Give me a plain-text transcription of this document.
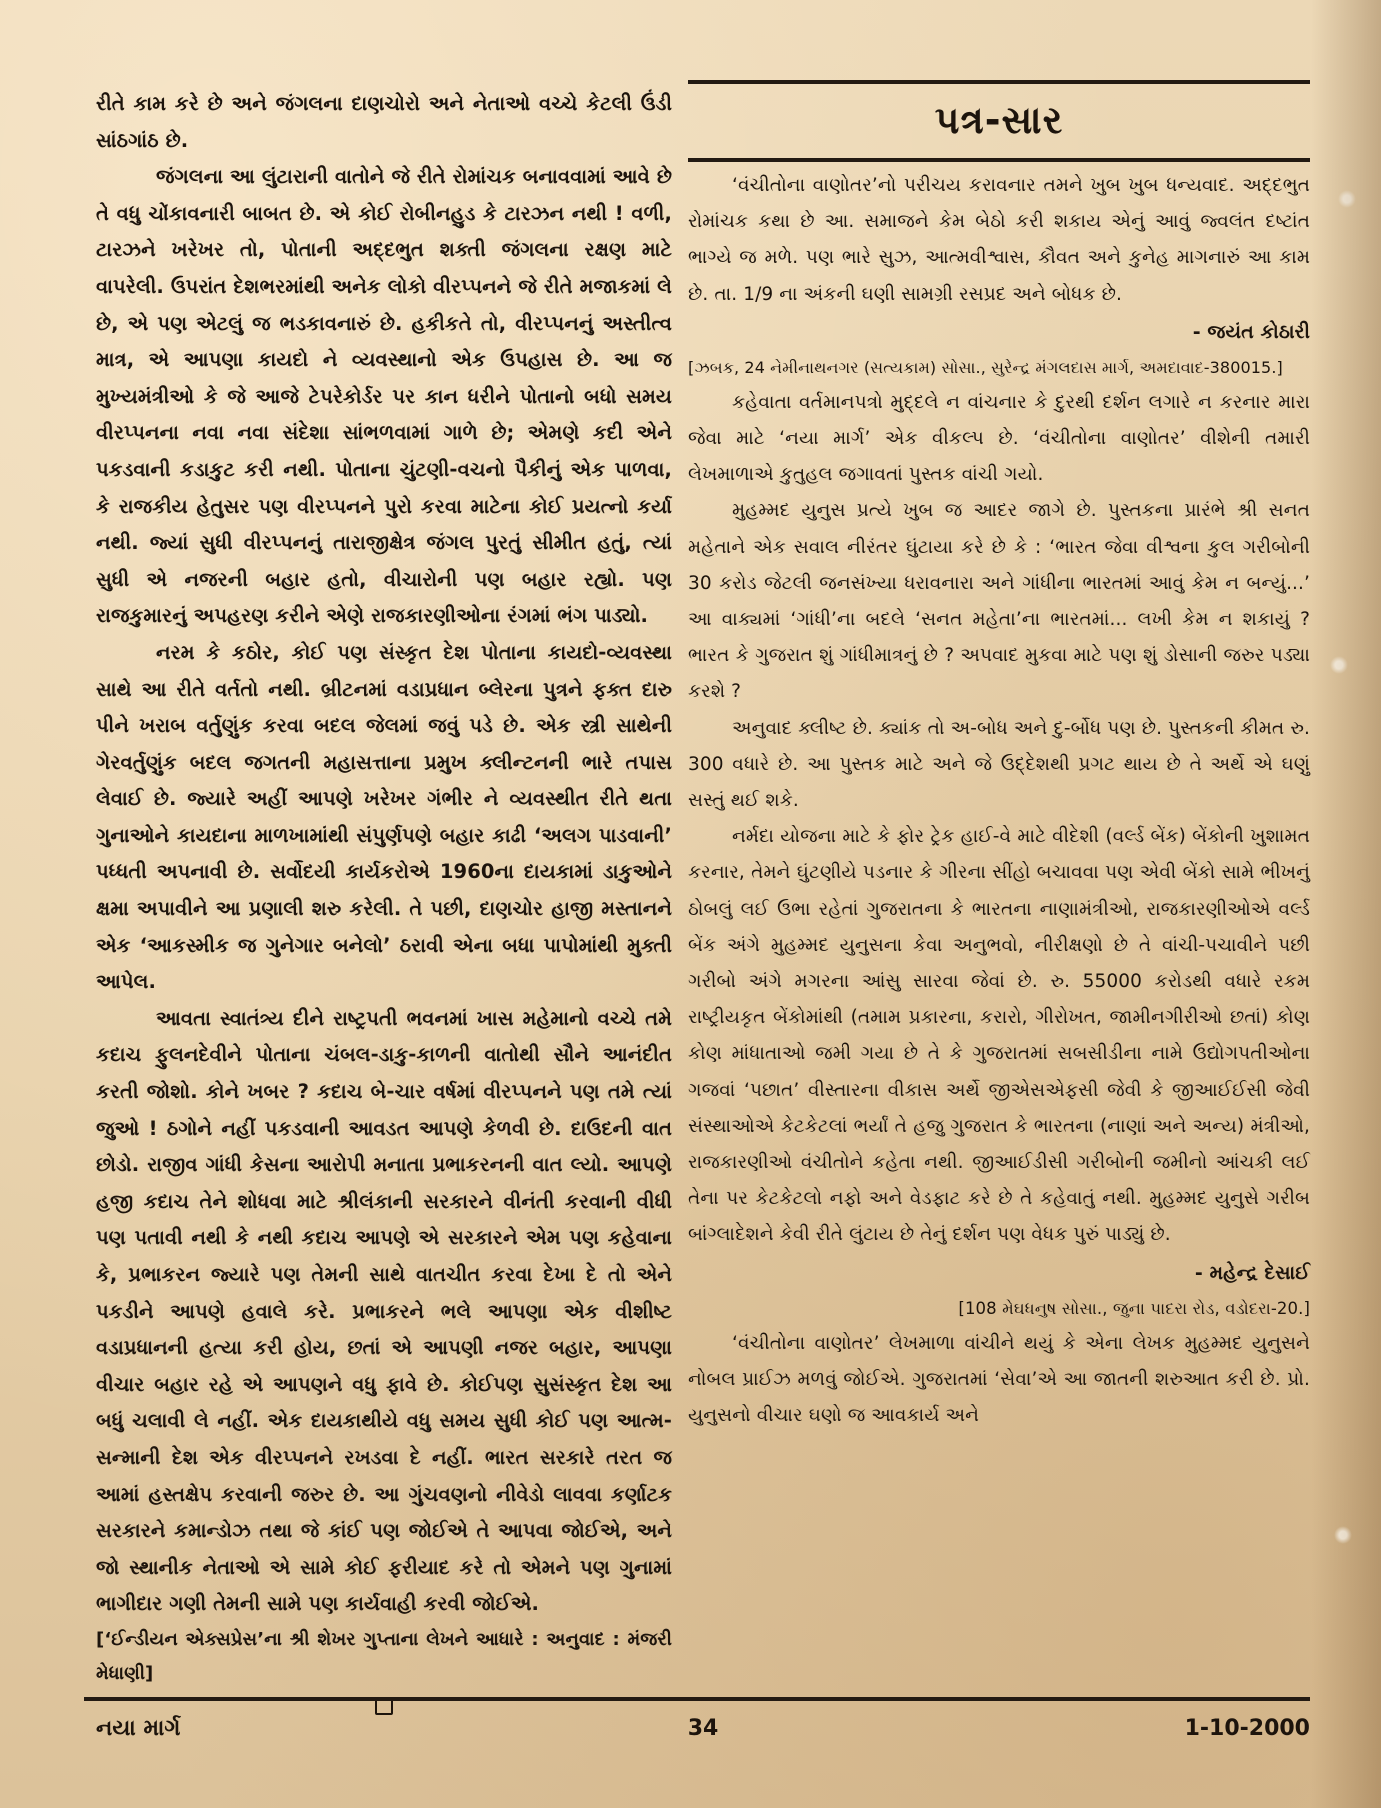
રીતે કામ કરે છે અને જંગલના દાણચોરો અને નેતાઓ વચ્ચે કેટલી ઉંડી સાંઠગાંઠ છે.

જંગલના આ લુંટારાની વાતોને જે રીતે રોમાંચક બનાવવામાં આવે છે તે વધુ ચોંકાવનારી બાબત છે. એ કોઈ રોબીનહુડ કે ટારઝન નથી ! વળી, ટારઝને ખરેખર તો, પોતાની અદ્દભુત શક્તી જંગલના રક્ષણ માટે વાપરેલી. ઉપરાંત દેશભરમાંથી અનેક લોકો વીરપ્પનને જે રીતે મજાકમાં લે છે, એ પણ એટલું જ ભડકાવનારું છે. હકીકતે તો, વીરપ્પનનું અસ્તીત્વ માત્ર, એ આપણા કાયદો ને વ્યવસ્થાનો એક ઉપહાસ છે. આ જ મુખ્યમંત્રીઓ કે જે આજે ટેપરેકોર્ડર પર કાન ધરીને પોતાનો બધો સમય વીરપ્પનના નવા નવા સંદેશા સાંભળવામાં ગાળે છે; એમણે કદી એને પકડવાની કડાકુટ કરી નથી. પોતાના ચુંટણી-વચનો પૈકીનું એક પાળવા, કે રાજકીય હેતુસર પણ વીરપ્પનને પુરો કરવા માટેના કોઈ પ્રયત્નો કર્યા નથી. જ્યાં સુધી વીરપ્પનનું તારાજીક્ષેત્ર જંગલ પુરતું સીમીત હતું, ત્યાં સુધી એ નજરની બહાર હતો, વીચારોની પણ બહાર રહ્યો. પણ રાજકુમારનું અપહરણ કરીને એણે રાજકારણીઓના રંગમાં ભંગ પાડ્યો.

નરમ કે કઠોર, કોઈ પણ સંસ્કૃત દેશ પોતાના કાયદો-વ્યવસ્થા સાથે આ રીતે વર્તતો નથી. બ્રીટનમાં વડાપ્રધાન બ્લેરના પુત્રને ફક્ત દારુ પીને ખરાબ વર્તુણુંક કરવા બદલ જેલમાં જવું પડે છે. એક સ્ત્રી સાથેની ગેરવર્તુણુંક બદલ જગતની મહાસત્તાના પ્રમુખ ક્લીન્ટનની ભારે તપાસ લેવાઈ છે. જ્યારે અહીં આપણે ખરેખર ગંભીર ને વ્યવસ્થીત રીતે થતા ગુનાઓને કાયદાના માળખામાંથી સંપુર્ણપણે બહાર કાઢી ‘અલગ પાડવાની’ પધ્ધતી અપનાવી છે. સર્વોદયી કાર્યકરોએ 1960ના દાયકામાં ડાકુઓને ક્ષમા અપાવીને આ પ્રણાલી શરુ કરેલી. તે પછી, દાણચોર હાજી મસ્તાનને એક ‘આકસ્મીક જ ગુનેગાર બનેલો’ ઠરાવી એના બધા પાપોમાંથી મુક્તી આપેલ.

આવતા સ્વાતંત્ર્ય દીને રાષ્ટ્રપતી ભવનમાં ખાસ મહેમાનો વચ્ચે તમે કદાચ ફુલનદેવીને પોતાના ચંબલ-ડાકુ-કાળની વાતોથી સૌને આનંદીત કરતી જોશો. કોને ખબર ? કદાચ બે-ચાર વર્ષમાં વીરપ્પનને પણ તમે ત્યાં જુઓ ! ઠગોને નહીં પકડવાની આવડત આપણે કેળવી છે. દાઉદની વાત છોડો. રાજીવ ગાંધી કેસના આરોપી મનાતા પ્રભાકરનની વાત લ્યો. આપણે હજી કદાચ તેને શોધવા માટે શ્રીલંકાની સરકારને વીનંતી કરવાની વીધી પણ પતાવી નથી કે નથી કદાચ આપણે એ સરકારને એમ પણ કહેવાના કે, પ્રભાકરન જ્યારે પણ તેમની સાથે વાતચીત કરવા દેખા દે તો એને પકડીને આપણે હવાલે કરે. પ્રભાકરને ભલે આપણા એક વીશીષ્ટ વડાપ્રધાનની હત્યા કરી હોય, છતાં એ આપણી નજર બહાર, આપણા વીચાર બહાર રહે એ આપણને વધુ ફાવે છે. કોઈપણ સુસંસ્કૃત દેશ આ બધું ચલાવી લે નહીં. એક દાયકાથીયે વધુ સમય સુધી કોઈ પણ આત્મ-સન્માની દેશ એક વીરપ્પનને રખડવા દે નહીં. ભારત સરકારે તરત જ આમાં હસ્તક્ષેપ કરવાની જરુર છે. આ ગુંચવણનો નીવેડો લાવવા કર્ણાટક સરકારને કમાન્ડોઝ તથા જે કાંઈ પણ જોઈએ તે આપવા જોઈએ, અને જો સ્થાનીક નેતાઓ એ સામે કોઈ ફરીયાદ કરે તો એમને પણ ગુનામાં ભાગીદાર ગણી તેમની સામે પણ કાર્યવાહી કરવી જોઈએ.

[‘ઈન્ડીયન એક્સપ્રેસ’ના શ્રી શેખર ગુપ્તાના લેખને આધારે : અનુવાદ : મંજરી મેધાણી]

પત્ર-સાર

‘વંચીતોના વાણોતર’નો પરીચય કરાવનાર તમને ખુબ ખુબ ધન્યવાદ. અદ્દભુત રોમાંચક કથા છે આ. સમાજને કેમ બેઠો કરી શકાય એનું આવું જ્વલંત દષ્ટાંત ભાગ્યે જ મળે. પણ ભારે સુઝ, આત્મવીશ્વાસ, કૌવત અને કુનેહ માગનારું આ કામ છે. તા. 1/9 ના અંકની ઘણી સામગ્રી રસપ્રદ અને બોધક છે.

- જયંત કોઠારી

[ઝબક, 24 નેમીનાથનગર (સત્યકામ) સોસા., સુરેન્દ્ર મંગલદાસ માર્ગ, અમદાવાદ-380015.]

કહેવાતા વર્તમાનપત્રો મુદ્દલે ન વાંચનાર કે દુરથી દર્શન લગારે ન કરનાર મારા જેવા માટે ‘નયા માર્ગ’ એક વીકલ્પ છે. ‘વંચીતોના વાણોતર’ વીશેની તમારી લેખમાળાએ કુતુહલ જગાવતાં પુસ્તક વાંચી ગયો.

મુહમ્મદ યુનુસ પ્રત્યે ખુબ જ આદર જાગે છે. પુસ્તકના પ્રારંભે શ્રી સનત મહેતાને એક સવાલ નીરંતર ઘુંટાયા કરે છે કે : ‘ભારત જેવા વીશ્વના કુલ ગરીબોની 30 કરોડ જેટલી જનસંખ્યા ધરાવનારા અને ગાંધીના ભારતમાં આવું કેમ ન બન્યું...’ આ વાક્યમાં ‘ગાંધી’ના બદલે ‘સનત મહેતા’ના ભારતમાં... લખી કેમ ન શકાયું ? ભારત કે ગુજરાત શું ગાંધીમાત્રનું છે ? અપવાદ મુકવા માટે પણ શું ડોસાની જરુર પડ્યા કરશે ?

અનુવાદ ક્લીષ્ટ છે. ક્યાંક તો અ-બોધ અને દુ-ર્બોધ પણ છે. પુસ્તકની કીમત રુ. 300 વધારે છે. આ પુસ્તક માટે અને જે ઉદ્દેશથી પ્રગટ થાય છે તે અર્થે એ ઘણું સસ્તું થઈ શકે.

નર્મદા યોજના માટે કે ફોર ટ્રેક હાઈ-વે માટે વીદેશી (વર્લ્ડ બેંક) બેંકોની ખુશામત કરનાર, તેમને ઘુંટણીયે પડનાર કે ગીરના સીંહો બચાવવા પણ એવી બેંકો સામે ભીખનું ઠોબલું લઈ ઉભા રહેતાં ગુજરાતના કે ભારતના નાણામંત્રીઓ, રાજકારણીઓએ વર્લ્ડ બેંક અંગે મુહમ્મદ યુનુસના કેવા અનુભવો, નીરીક્ષણો છે તે વાંચી-પચાવીને પછી ગરીબો અંગે મગરના આંસુ સારવા જેવાં છે. રુ. 55000 કરોડથી વધારે રકમ રાષ્ટ્રીયકૃત બેંકોમાંથી (તમામ પ્રકારના, કરારો, ગીરોખત, જામીનગીરીઓ છતાં) કોણ કોણ માંધાતાઓ જમી ગયા છે તે કે ગુજરાતમાં સબસીડીના નામે ઉદ્યોગપતીઓના ગજવાં ‘પછાત’ વીસ્તારના વીકાસ અર્થે જીએસએફસી જેવી કે જીઆઈઈસી જેવી સંસ્થાઓએ કેટકેટલાં ભર્યાં તે હજુ ગુજરાત કે ભારતના (નાણાં અને અન્ય) મંત્રીઓ, રાજકારણીઓ વંચીતોને કહેતા નથી. જીઆઈડીસી ગરીબોની જમીનો આંચકી લઈ તેના પર કેટકેટલો નફો અને વેડફાટ કરે છે તે કહેવાતું નથી. મુહમ્મદ યુનુસે ગરીબ બાંગ્લાદેશને કેવી રીતે લુંટાય છે તેનું દર્શન પણ વેધક પુરું પાડ્યું છે.

- મહેન્દ્ર દેસાઈ

[108 મેઘધનુષ સોસા., જુના પાદરા રોડ, વડોદરા-20.]

‘વંચીતોના વાણોતર’ લેખમાળા વાંચીને થયું કે એના લેખક મુહમ્મદ યુનુસને નોબલ પ્રાઈઝ મળવું જોઈએ. ગુજરાતમાં ‘સેવા’એ આ જાતની શરુઆત કરી છે. પ્રો. યુનુસનો વીચાર ઘણો જ આવકાર્ય અને

નયા માર્ગ	34	1-10-2000
